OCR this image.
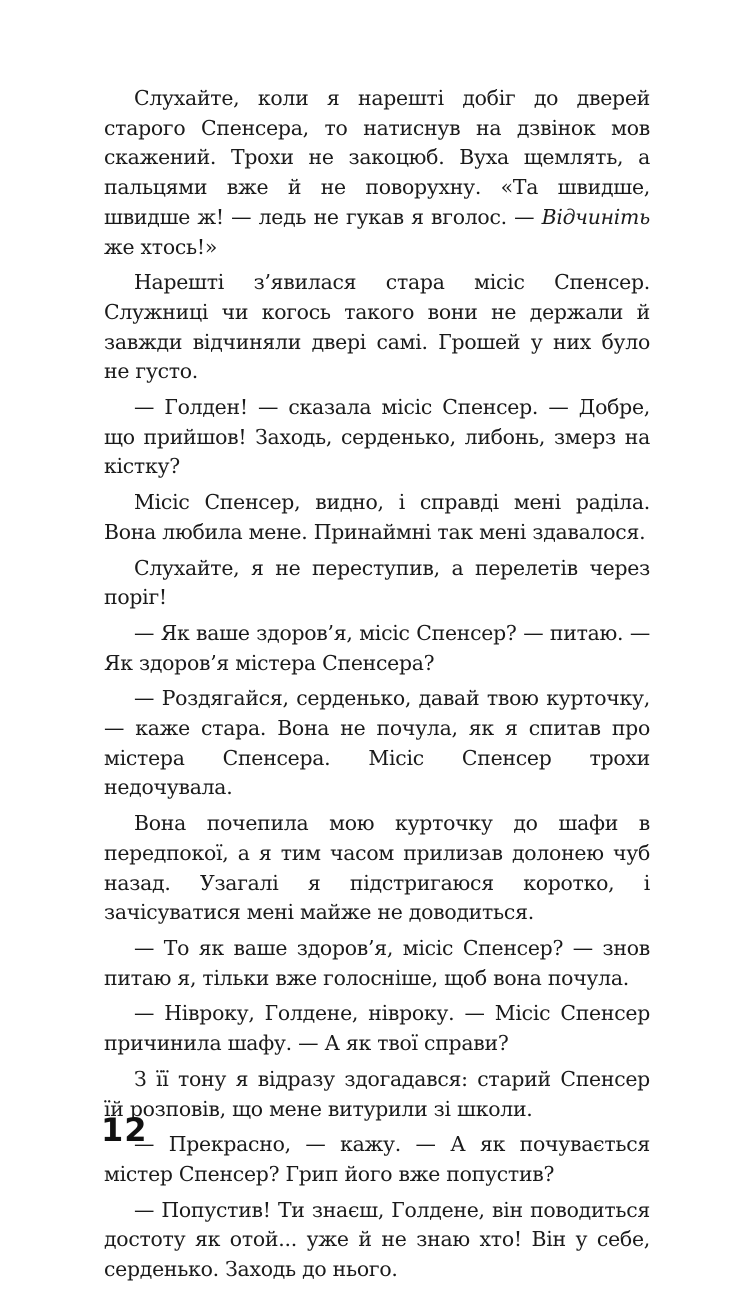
Слухайте, коли я нарешті добіг до дверей старого Спенсера, то натиснув на дзвінок мов скажений. Трохи не закоцюб. Вуха щемлять, а пальцями вже й не поворухну. «Та швидше, швидше ж! — ледь не гукав я вголос. — Відчиніть же хтось!»

Нарешті з’явилася стара місіс Спенсер. Служниці чи когось такого вони не держали й завжди відчиняли двері самі. Грошей у них було не густо.

— Голден! — сказала місіс Спенсер. — Добре, що прийшов! Заходь, серденько, либонь, змерз на кістку?

Місіс Спенсер, видно, і справді мені раділа. Вона любила мене. Принаймні так мені здавалося.

Слухайте, я не переступив, а перелетів через поріг!

— Як ваше здоров’я, місіс Спенсер? — питаю. — Як здоров’я містера Спенсера?

— Роздягайся, серденько, давай твою курточку, — каже стара. Вона не почула, як я спитав про містера Спенсера. Місіс Спенсер трохи недочувала.

Вона почепила мою курточку до шафи в передпокої, а я тим часом прилизав долонею чуб назад. Узагалі я підстригаюся коротко, і зачісуватися мені майже не доводиться.

— То як ваше здоров’я, місіс Спенсер? — знов питаю я, тільки вже голосніше, щоб вона почула.

— Нівроку, Голдене, нівроку. — Місіс Спенсер причинила шафу. — А як твої справи?

З її тону я відразу здогадався: старий Спенсер їй розповів, що мене витурили зі школи.

— Прекрасно, — кажу. — А як почувається містер Спенсер? Грип його вже попустив?

— Попустив! Ти знаєш, Голдене, він поводиться достоту як отой... уже й не знаю хто! Він у себе, серденько. Заходь до нього.

12
